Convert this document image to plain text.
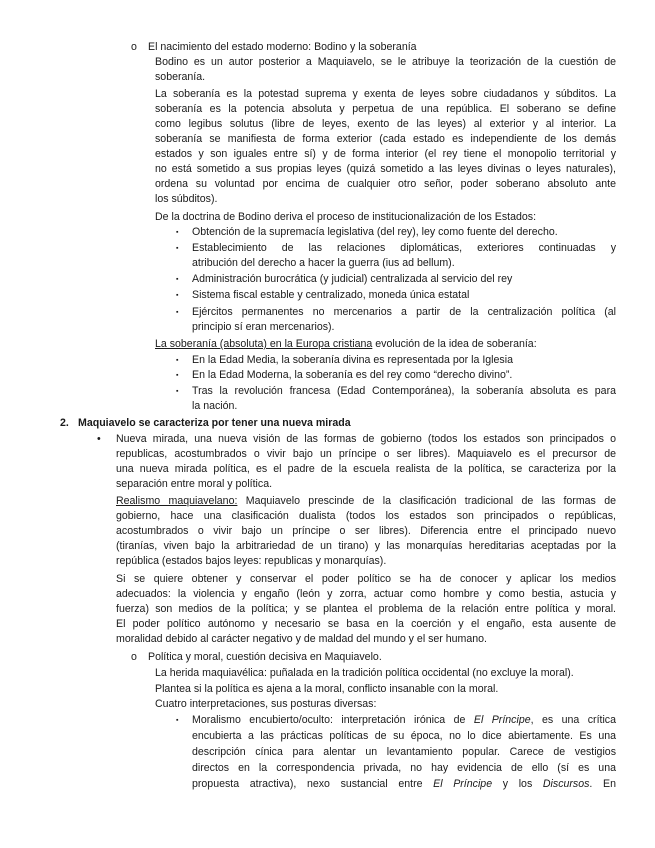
o El nacimiento del estado moderno: Bodino y la soberanía
Bodino es un autor posterior a Maquiavelo, se le atribuye la teorización de la cuestión de
soberanía.
La soberanía es la potestad suprema y exenta de leyes sobre ciudadanos y súbditos. La
soberanía es la potencia absoluta y perpetua de una república. El soberano se define
como legibus solutus (libre de leyes, exento de las leyes) al exterior y al interior. La
soberanía se manifiesta de forma exterior (cada estado es independiente de los demás
estados y son iguales entre sí) y de forma interior (el rey tiene el monopolio territorial y
no está sometido a sus propias leyes (quizá sometido a las leyes divinas o leyes naturales),
ordena su voluntad por encima de cualquier otro señor, poder soberano absoluto ante
los súbditos).
De la doctrina de Bodino deriva el proceso de institucionalización de los Estados:
▪ Obtención de la supremacía legislativa (del rey), ley como fuente del derecho.
▪ Establecimiento de las relaciones diplomáticas, exteriores continuadas y
atribución del derecho a hacer la guerra (ius ad bellum).
▪ Administración burocrática (y judicial) centralizada al servicio del rey
▪ Sistema fiscal estable y centralizado, moneda única estatal
▪ Ejércitos permanentes no mercenarios a partir de la centralización política (al
principio sí eran mercenarios).
La soberanía (absoluta) en la Europa cristiana evolución de la idea de soberanía:
▪ En la Edad Media, la soberanía divina es representada por la Iglesia
▪ En la Edad Moderna, la soberanía es del rey como “derecho divino”.
▪ Tras la revolución francesa (Edad Contemporánea), la soberanía absoluta es para
la nación.
2. Maquiavelo se caracteriza por tener una nueva mirada
• Nueva mirada, una nueva visión de las formas de gobierno (todos los estados son principados o
republicas, acostumbrados o vivir bajo un príncipe o ser libres). Maquiavelo es el precursor de
una nueva mirada política, es el padre de la escuela realista de la política, se caracteriza por la
separación entre moral y política.
Realismo maquiavelano: Maquiavelo prescinde de la clasificación tradicional de las formas de
gobierno, hace una clasificación dualista (todos los estados son principados o repúblicas,
acostumbrados o vivir bajo un príncipe o ser libres). Diferencia entre el principado nuevo
(tiranías, viven bajo la arbitrariedad de un tirano) y las monarquías hereditarias aceptadas por la
república (estados bajos leyes: republicas y monarquías).
Si se quiere obtener y conservar el poder político se ha de conocer y aplicar los medios
adecuados: la violencia y engaño (león y zorra, actuar como hombre y como bestia, astucia y
fuerza) son medios de la política; y se plantea el problema de la relación entre política y moral.
El poder político autónomo y necesario se basa en la coerción y el engaño, esta ausente de
moralidad debido al carácter negativo y de maldad del mundo y el ser humano.
o Política y moral, cuestión decisiva en Maquiavelo.
La herida maquiavélica: puñalada en la tradición política occidental (no excluye la moral).
Plantea si la política es ajena a la moral, conflicto insanable con la moral.
Cuatro interpretaciones, sus posturas diversas:
▪ Moralismo encubierto/oculto: interpretación irónica de El Príncipe, es una crítica
encubierta a las prácticas políticas de su época, no lo dice abiertamente. Es una
descripción cínica para alentar un levantamiento popular. Carece de vestigios
directos en la correspondencia privada, no hay evidencia de ello (sí es una
propuesta atractiva), nexo sustancial entre El Príncipe y los Discursos. En
